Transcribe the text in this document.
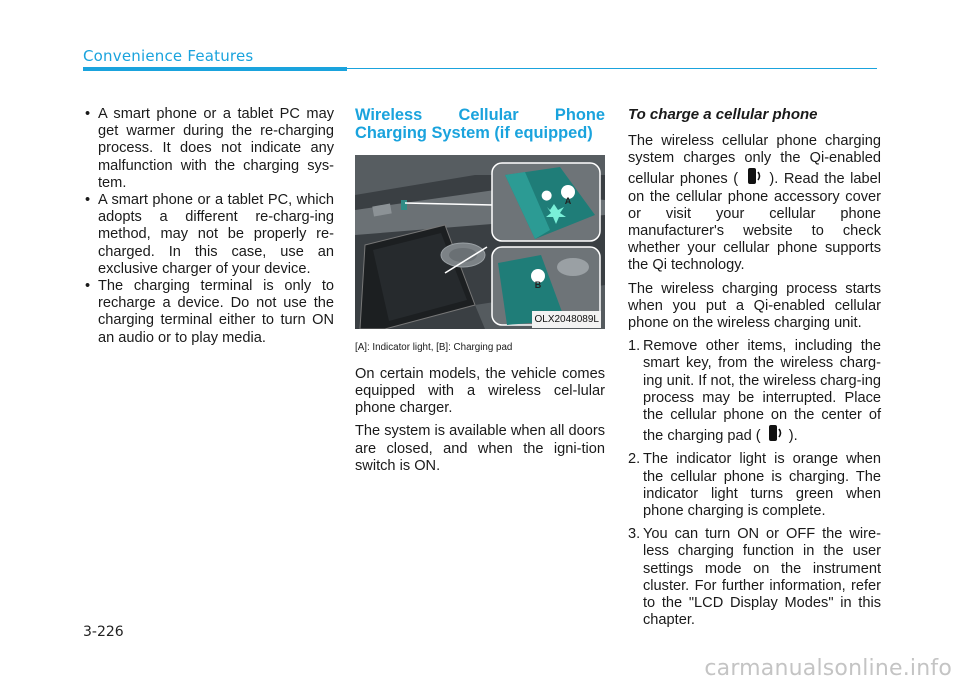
Convenience Features
• A smart phone or a tablet PC may get warmer during the re-charging process. It does not indicate any malfunction with the charging sys-tem.
• A smart phone or a tablet PC, which adopts a different re-charg-ing method, may not be properly re-charged. In this case, use an exclusive charger of your device.
• The charging terminal is only to recharge a device. Do not use the charging terminal either to turn ON an audio or to play media.
Wireless Cellular Phone Charging System (if equipped)
● A
B
OLX2048089L
[A]: Indicator light, [B]: Charging pad

On certain models, the vehicle comes equipped with a wireless cel-lular phone charger.

The system is available when all doors are closed, and when the igni-tion switch is ON.

To charge a cellular phone

The wireless cellular phone charging system charges only the Qi-enabled cellular phones ( ). Read the label on the cellular phone accessory cover or visit your cellular phone manufacturer's website to check whether your cellular phone supports the Qi technology.

The wireless charging process starts when you put a Qi-enabled cellular phone on the wireless charging unit.

1. Remove other items, including the smart key, from the wireless charg-ing unit. If not, the wireless charg-ing process may be interrupted. Place the cellular phone on the center of the charging pad ( ).
2. The indicator light is orange when the cellular phone is charging. The indicator light turns green when phone charging is complete.
3. You can turn ON or OFF the wire-less charging function in the user settings mode on the instrument cluster. For further information, refer to the "LCD Display Modes" in this chapter.
3-226
carmanualsonline.info
